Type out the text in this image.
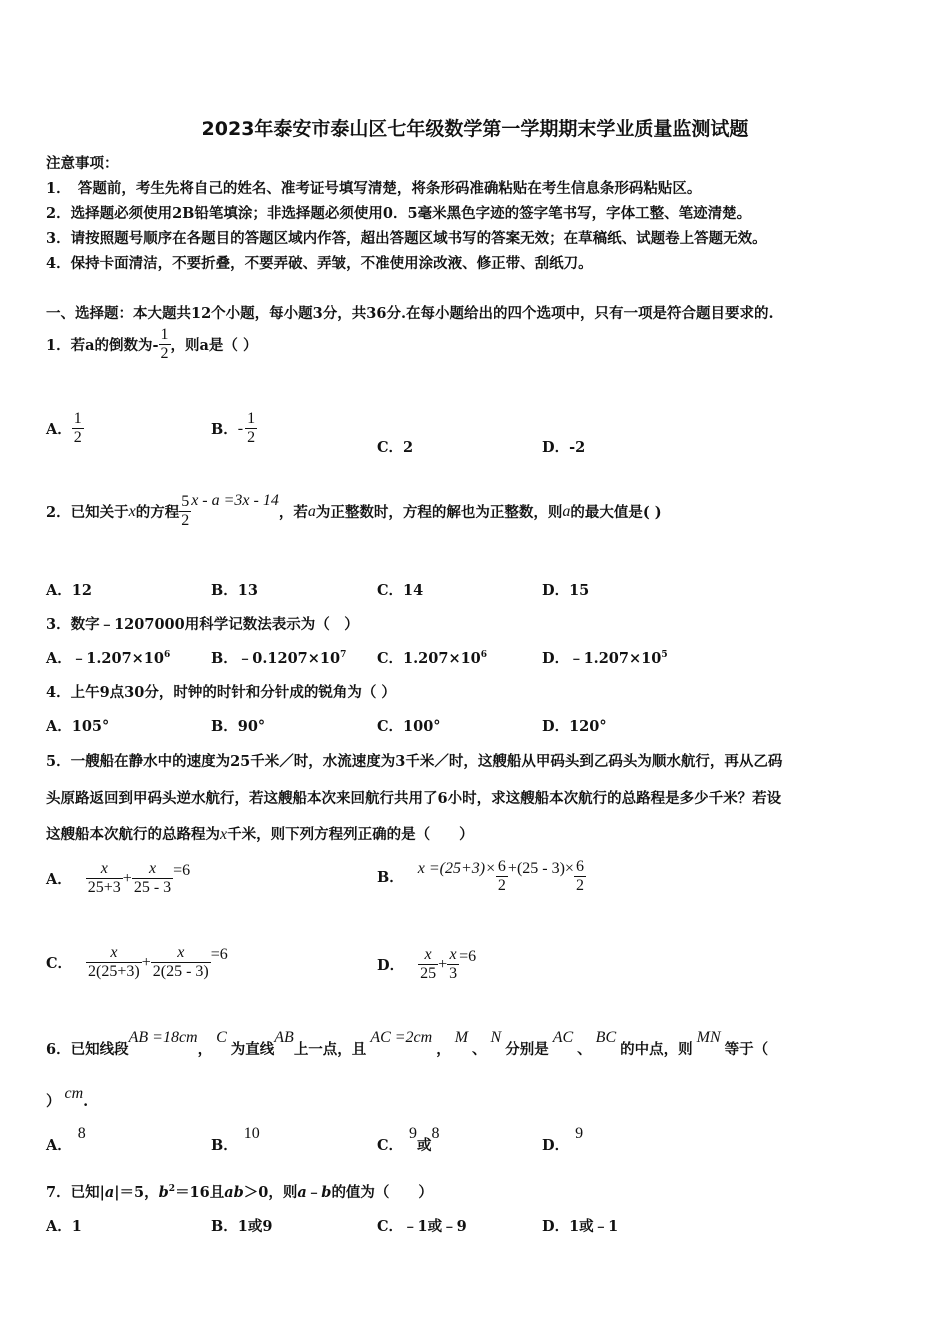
2023年泰安市泰山区七年级数学第一学期期末学业质量监测试题
注意事项：
1．　答题前，考生先将自己的姓名、准考证号填写清楚，将条形码准确粘贴在考生信息条形码粘贴区。
2．选择题必须使用2B铅笔填涂；非选择题必须使用0．5毫米黑色字迹的签字笔书写，字体工整、笔迹清楚。
3．请按照题号顺序在各题目的答题区域内作答，超出答题区域书写的答案无效；在草稿纸、试题卷上答题无效。
4．保持卡面清洁，不要折叠，不要弄破、弄皱，不准使用涂改液、修正带、刮纸刀。
一、选择题：本大题共12个小题，每小题3分，共36分.在每小题给出的四个选项中，只有一项是符合题目要求的.
1．若a的倒数为- $\frac{1}{2}$ ，则a是（ ）
A． $\frac{1}{2}$	B． - $\frac{1}{2}$
C．2	D．-2
2．已知关于 x 的方程 $\frac{5}{2}$ x - a =3x - 14
，若 a 为正整数时，方程的解也为正整数，则 a 的最大值是( )
A．12	B．13	C．14	D．15
3．数字﹣1207000用科学记数法表示为（　）
A．$﹣1.207\times 10^6$	B．$﹣0.1207\times 10^7$ C．$1.207\times 10^6$	D．$﹣1.207\times 10^5$
4．上午9点30分，时钟的时针和分针成的锐角为（ ）
A．105°	B．90°	C．100°	D．120°
5．一艘船在静水中的速度为25千米／时，水流速度为3千米／时，这艘船从甲码头到乙码头为顺水航行，再从乙码
头原路返回到甲码头逆水航行，若这艘船本次来回航行共用了6小时，求这艘船本次航行的总路程是多少千米？若设
这艘船本次航行的总路程为x千米，则下列方程列正确的是（　　）
A． $\frac{x}{25+3} + \frac{x}{25 - 3} =6$	B．
$x =(25+3)\times \frac{6}{2} +(25 - 3)\times \frac{6}{2}$
C． $\frac{x}{2(25+3)} + \frac{x}{2(25 - 3)} =6$
D． $\frac{x}{25} + \frac{x}{3} =6$
6．已知线段AB =18cm，C为直线AB上一点，且AC =2cm，M、N分别是AC、BC的中点，则MN等于（
） cm.
A．8
B．10
C．9或8
D．9
7．已知|a|＝5，$b^2=16$且ab＞0，则a﹣b的值为（　　）
A．1	B．1或9	C．﹣1或﹣9	D．1或﹣1
